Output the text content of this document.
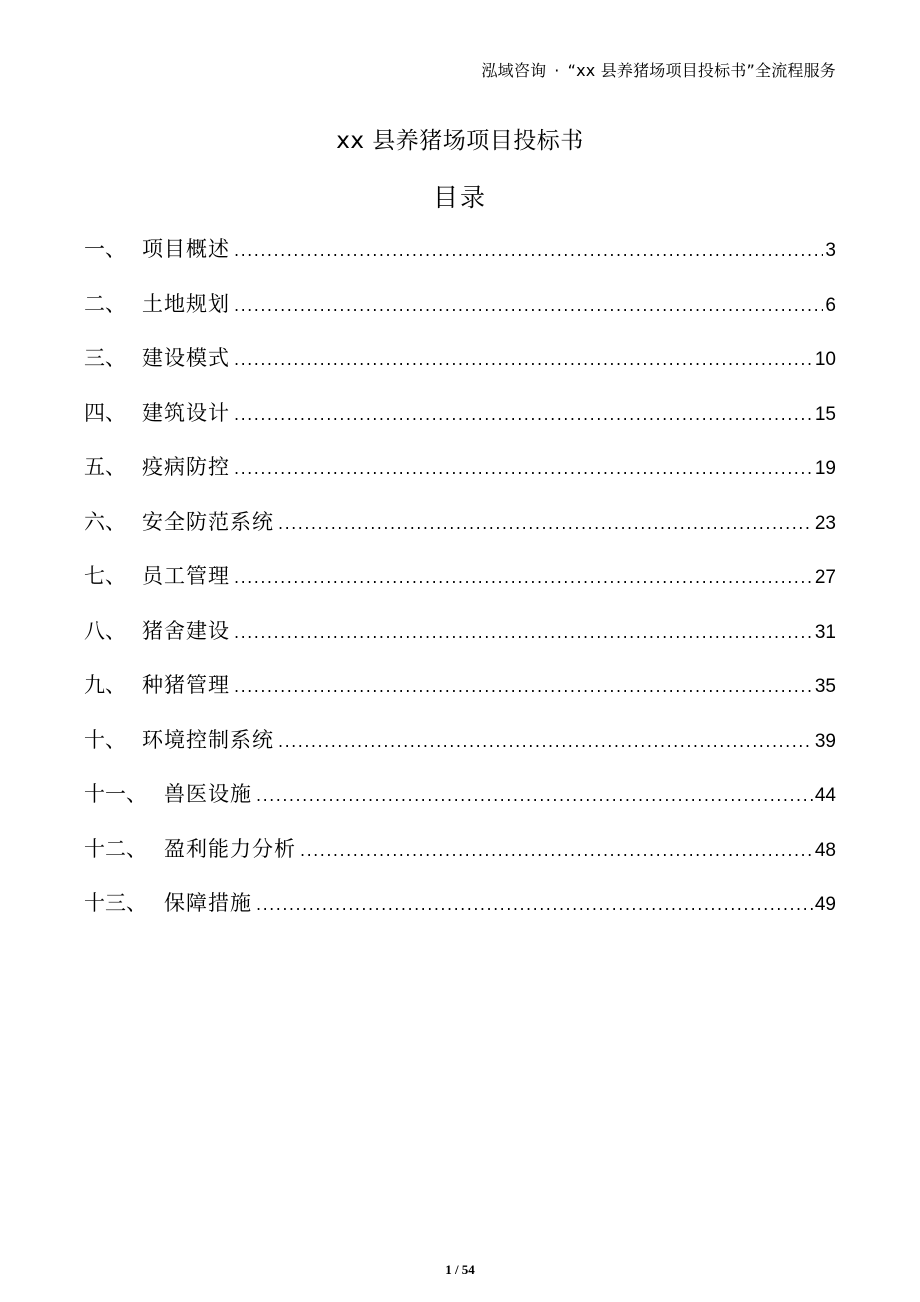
泓域咨询 · “xx 县养猪场项目投标书”全流程服务
xx 县养猪场项目投标书
目录
一、 项目概述 .....	3
二、 土地规划 .....	6
三、 建设模式 .....	10
四、 建筑设计 .....	15
五、 疫病防控 .....	19
六、 安全防范系统 .....	23
七、 员工管理 .....	27
八、 猪舍建设 .....	31
九、 种猪管理 .....	35
十、 环境控制系统 .....	39
十一、 兽医设施 .....	44
十二、 盈利能力分析 .....	48
十三、 保障措施 .....	49
1 / 54
